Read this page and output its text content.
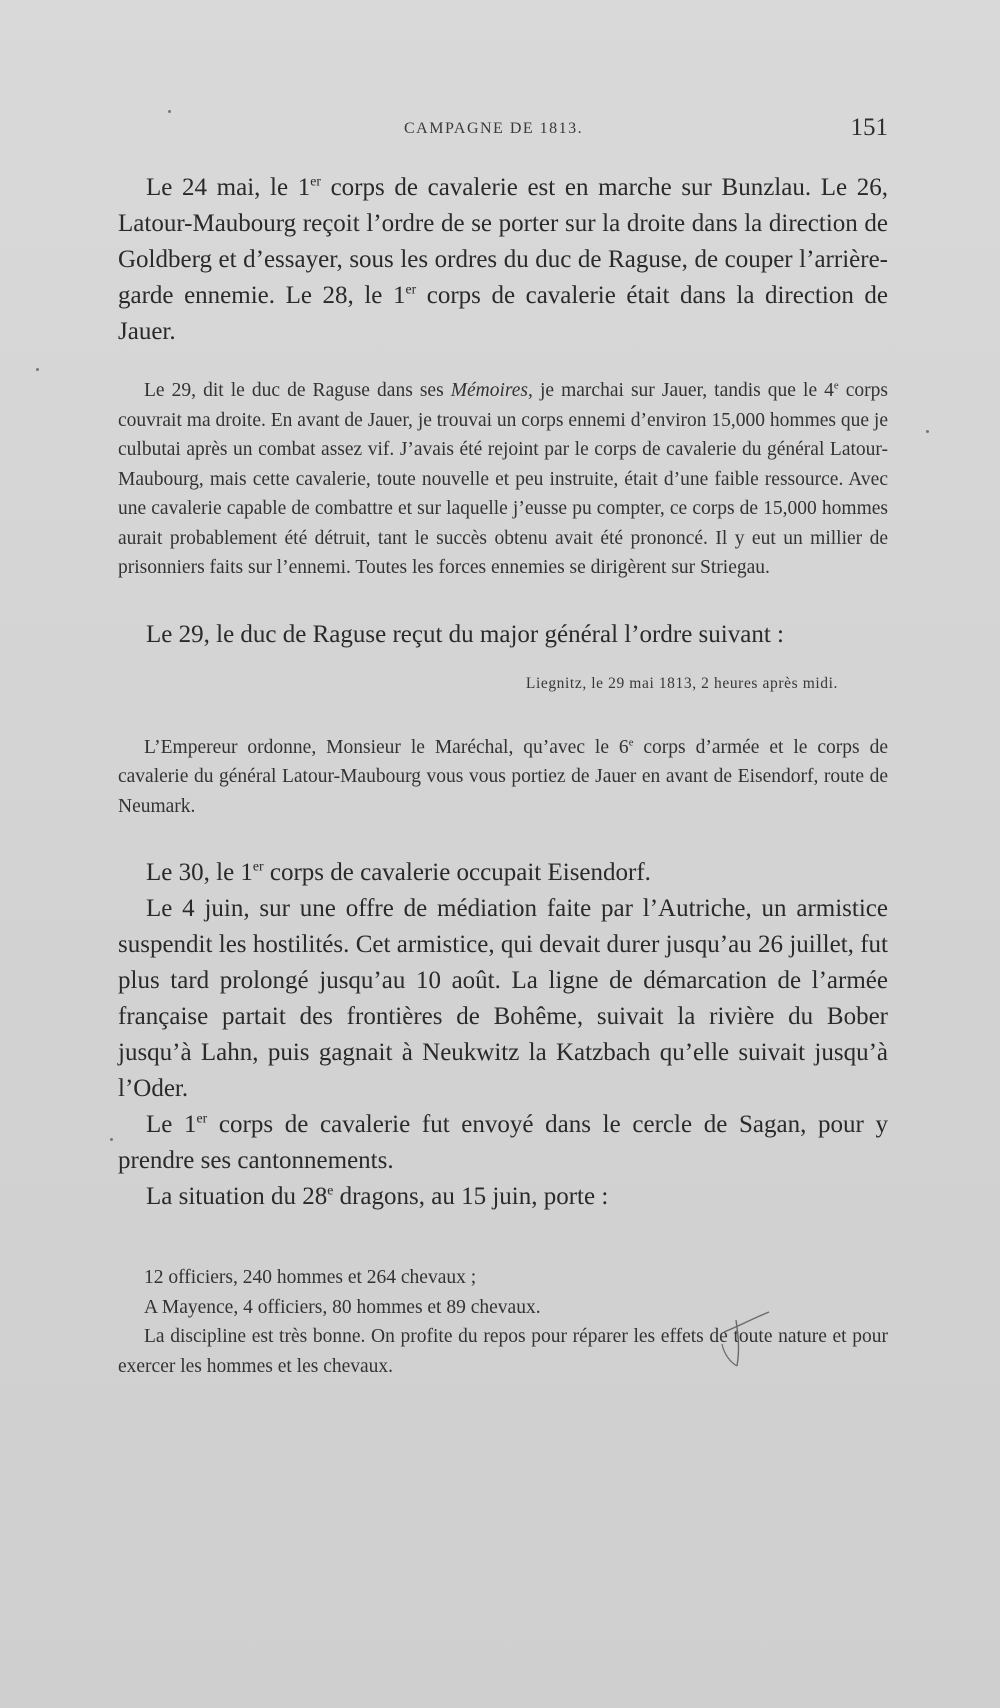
CAMPAGNE DE 1813.	151

Le 24 mai, le 1er corps de cavalerie est en marche sur Bunzlau. Le 26, Latour-Maubourg reçoit l’ordre de se porter sur la droite dans la direction de Goldberg et d’essayer, sous les ordres du duc de Raguse, de couper l’arrière-garde ennemie. Le 28, le 1er corps de cavalerie était dans la direction de Jauer.

Le 29, dit le duc de Raguse dans ses Mémoires, je marchai sur Jauer, tandis que le 4e corps couvrait ma droite. En avant de Jauer, je trouvai un corps ennemi d’environ 15,000 hommes que je culbutai après un combat assez vif. J’avais été rejoint par le corps de cavalerie du général Latour-Maubourg, mais cette cavalerie, toute nouvelle et peu instruite, était d’une faible ressource. Avec une cavalerie capable de combattre et sur laquelle j’eusse pu compter, ce corps de 15,000 hommes aurait probablement été détruit, tant le succès obtenu avait été prononcé. Il y eut un millier de prisonniers faits sur l’ennemi. Toutes les forces ennemies se dirigèrent sur Striegau.

Le 29, le duc de Raguse reçut du major général l’ordre suivant :

Liegnitz, le 29 mai 1813, 2 heures après midi.

L’Empereur ordonne, Monsieur le Maréchal, qu’avec le 6e corps d’armée et le corps de cavalerie du général Latour-Maubourg vous vous portiez de Jauer en avant de Eisendorf, route de Neumark.

Le 30, le 1er corps de cavalerie occupait Eisendorf.

Le 4 juin, sur une offre de médiation faite par l’Autriche, un armistice suspendit les hostilités. Cet armistice, qui devait durer jusqu’au 26 juillet, fut plus tard prolongé jusqu’au 10 août. La ligne de démarcation de l’armée française partait des frontières de Bohême, suivait la rivière du Bober jusqu’à Lahn, puis gagnait à Neukwitz la Katzbach qu’elle suivait jusqu’à l’Oder.

Le 1er corps de cavalerie fut envoyé dans le cercle de Sagan, pour y prendre ses cantonnements.

La situation du 28e dragons, au 15 juin, porte :

12 officiers, 240 hommes et 264 chevaux ;

A Mayence, 4 officiers, 80 hommes et 89 chevaux.

La discipline est très bonne. On profite du repos pour réparer les effets de toute nature et pour exercer les hommes et les chevaux.
